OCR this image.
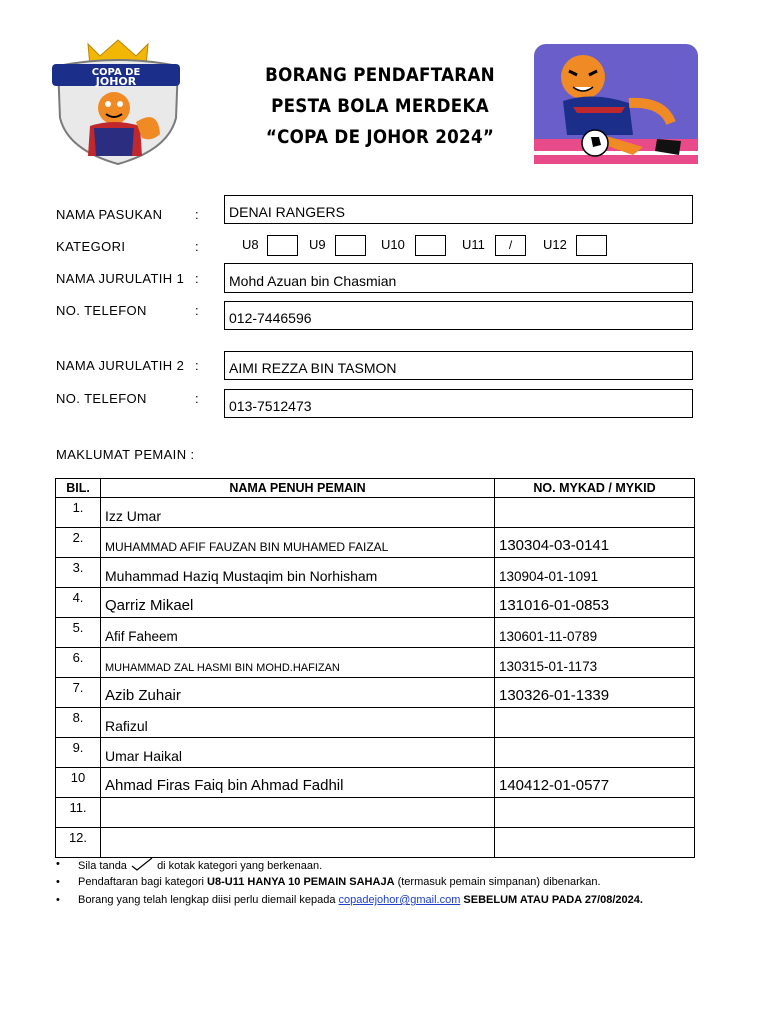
COPA DE
JOHOR	BORANG PENDAFTARAN
PESTA BOLA MERDEKA
“COPA DE JOHOR 2024”
NAMA PASUKAN	:	DENAI RANGERS
KATEGORI	:	U8	U9	U10	U11	/	U12
NAMA JURULATIH 1 :	Mohd Azuan bin Chasmian
NO. TELEFON	:	012-7446596
NAMA JURULATIH 2 :	AIMI REZZA BIN TASMON
NO. TELEFON	:	013-7512473
MAKLUMAT PEMAIN :
BIL.	NAMA PENUH PEMAIN	NO. MYKAD / MYKID
1.	Izz Umar	
2.	MUHAMMAD AFIF FAUZAN BIN MUHAMED FAIZAL	130304-03-0141
3.	Muhammad Haziq Mustaqim bin Norhisham	130904-01-1091
4.	Qarriz Mikael	131016-01-0853
5.	Afif Faheem	130601-11-0789
6.	MUHAMMAD ZAL HASMI BIN MOHD.HAFIZAN	130315-01-1173
7.	Azib Zuhair	130326-01-1339
8.	Rafizul	
9.	Umar Haikal	
10	Ahmad Firas Faiq bin Ahmad Fadhil	140412-01-0577
11.		
12.		
• Sila tanda	di kotak kategori yang berkenaan.
• Pendaftaran bagi kategori U8-U11 HANYA 10 PEMAIN SAHAJA (termasuk pemain simpanan) dibenarkan.
• Borang yang telah lengkap diisi perlu diemail kepada copadejohor@gmail.com SEBELUM ATAU PADA 27/08/2024.
